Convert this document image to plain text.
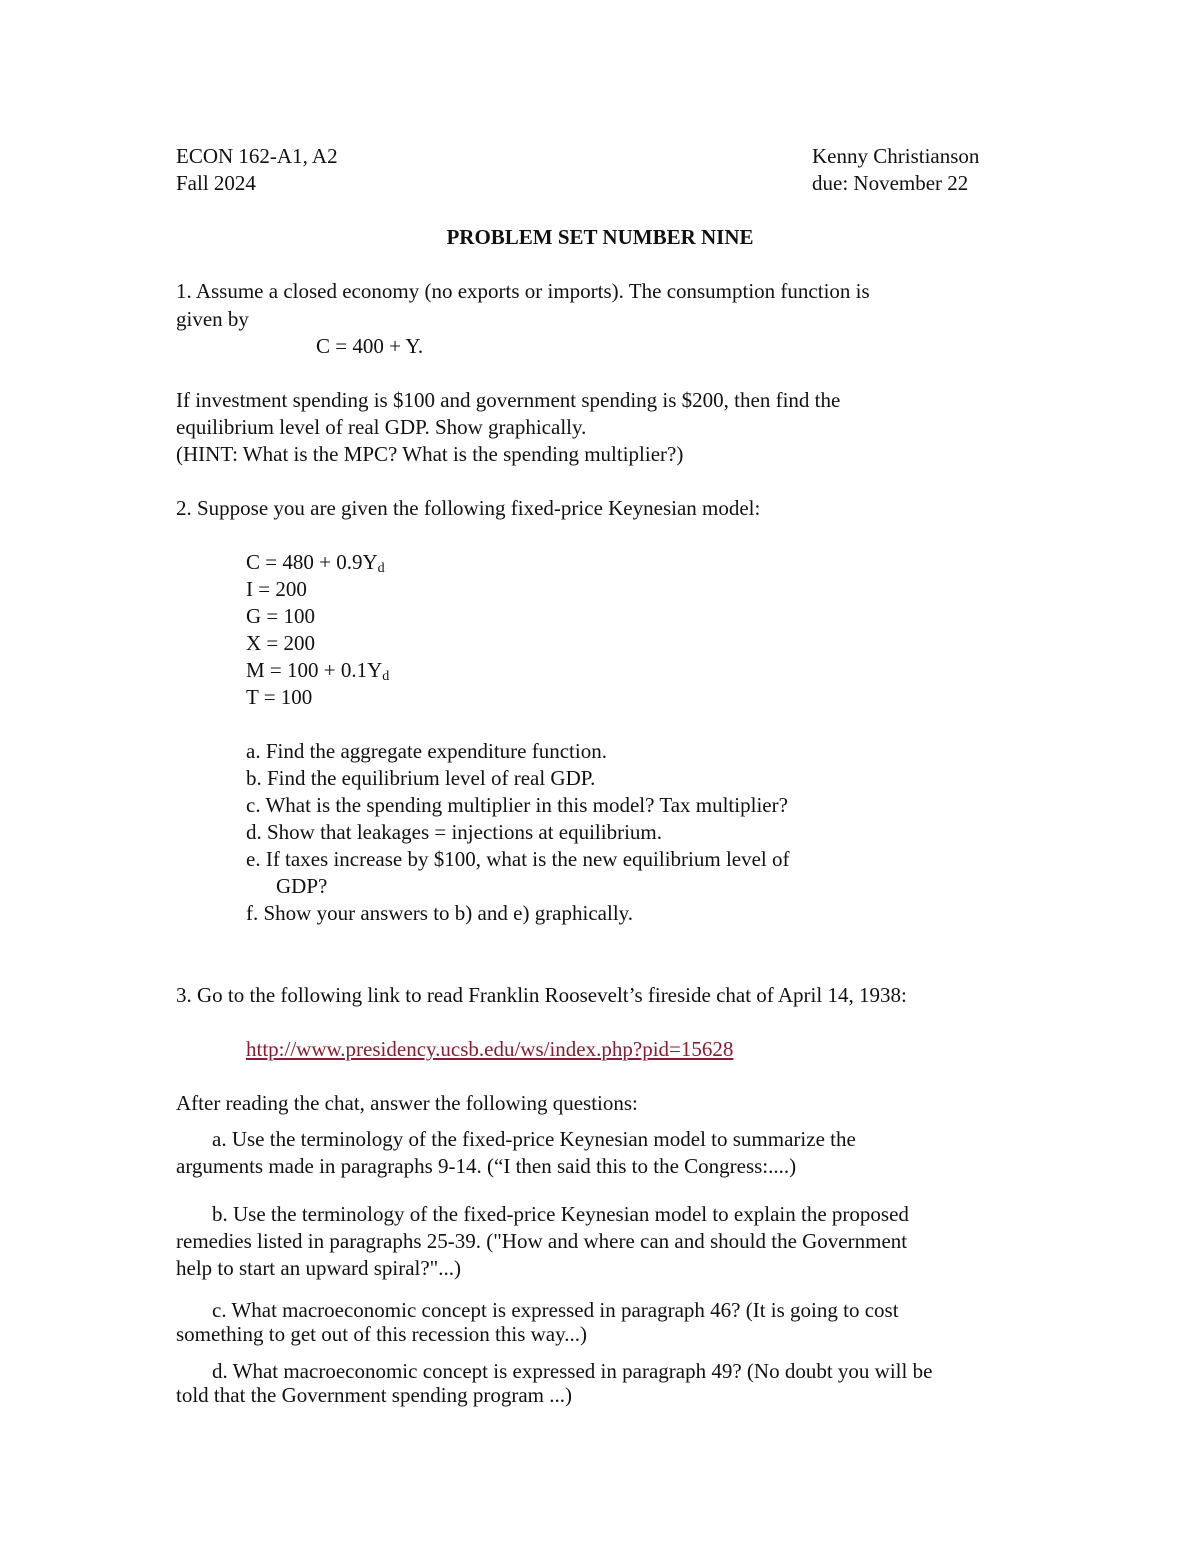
ECON 162-A1, A2
Fall 2024
Kenny Christianson
due: November 22
PROBLEM SET NUMBER NINE
1. Assume a closed economy (no exports or imports). The consumption function is
given by
C = 400 + Y.
If investment spending is $100 and government spending is $200, then find the
equilibrium level of real GDP. Show graphically.
(HINT: What is the MPC? What is the spending multiplier?)
2. Suppose you are given the following fixed-price Keynesian model:
$C = 480 + 0.9Y_d$
I = 200
G = 100
X = 200
$M = 100 + 0.1Y_d$
T = 100
a. Find the aggregate expenditure function.
b. Find the equilibrium level of real GDP.
c. What is the spending multiplier in this model? Tax multiplier?
d. Show that leakages = injections at equilibrium.
e. If taxes increase by $100, what is the new equilibrium level of
GDP?
f. Show your answers to b) and e) graphically.
3. Go to the following link to read Franklin Roosevelt’s fireside chat of April 14, 1938:
http://www.presidency.ucsb.edu/ws/index.php?pid=15628
After reading the chat, answer the following questions:
a. Use the terminology of the fixed-price Keynesian model to summarize the
arguments made in paragraphs 9-14. (“I then said this to the Congress:....)
b. Use the terminology of the fixed-price Keynesian model to explain the proposed
remedies listed in paragraphs 25-39. ("How and where can and should the Government
help to start an upward spiral?"...)
c. What macroeconomic concept is expressed in paragraph 46? (It is going to cost
something to get out of this recession this way...)
d. What macroeconomic concept is expressed in paragraph 49? (No doubt you will be
told that the Government spending program ...)
